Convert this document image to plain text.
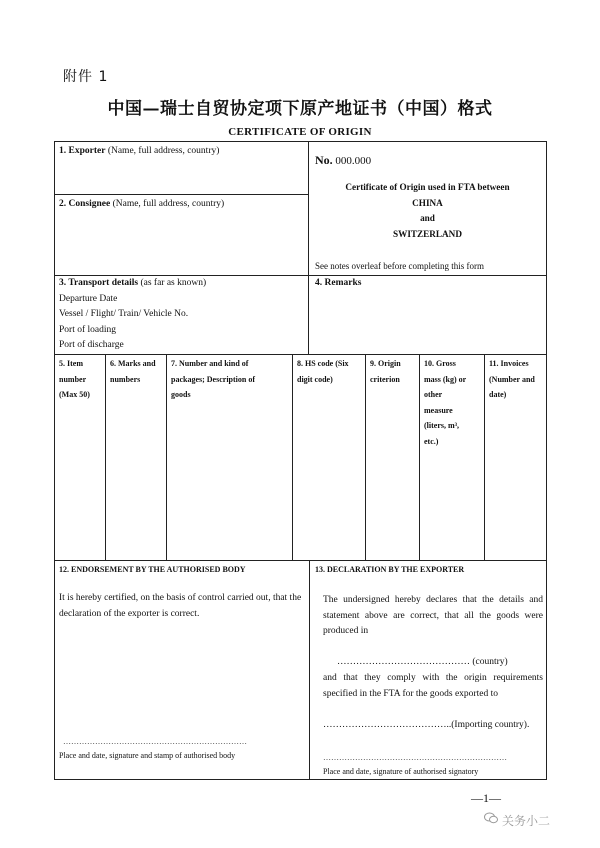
附件 1
中国—瑞士自贸协定项下原产地证书（中国）格式
CERTIFICATE OF ORIGIN
1. Exporter (Name, full address, country)
2. Consignee (Name, full address, country)
No. 000.000
Certificate of Origin used in FTA between
CHINA
and
SWITZERLAND
See notes overleaf before completing this form
3. Transport details (as far as known)
Departure Date
Vessel / Flight/ Train/ Vehicle No.
Port of loading
Port of discharge
4. Remarks
5. Item
number
(Max 50)
6. Marks and
numbers
7. Number and kind of
packages; Description of
goods
8. HS code (Six
digit code)
9. Origin
criterion
10. Gross
mass (kg) or
other
measure
(liters, m³,
etc.)
11. Invoices
(Number and
date)
12. ENDORSEMENT BY THE AUTHORISED BODY
It is hereby certified, on the basis of control carried out, that the declaration of the exporter is correct.
……………………………………………………………
Place and date, signature and stamp of authorised body
13. DECLARATION BY THE EXPORTER
The undersigned hereby declares that the details and statement above are correct, that all the goods were produced in
…………………………………… (country)
and that they comply with the origin requirements specified in the FTA for the goods exported to
…………………………………..(Importing country).
……………………………………………………………
Place and date, signature of authorised signatory
—1—
关务小二
